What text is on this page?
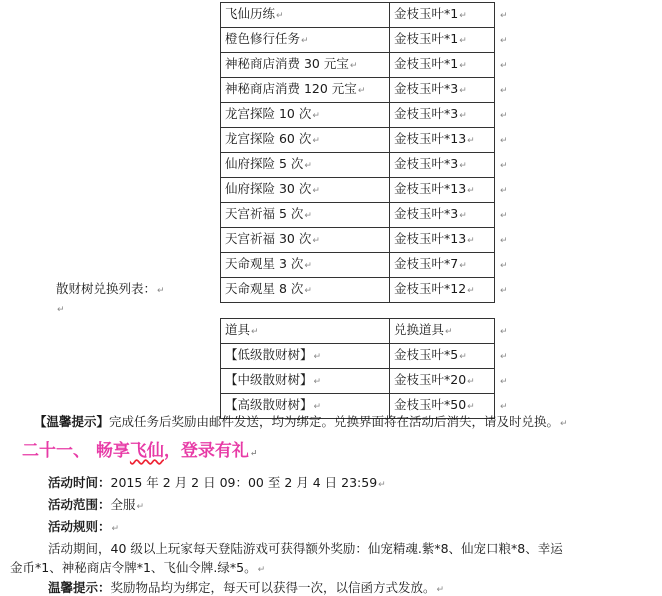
飞仙历练↵	金枝玉叶*1↵	↵
橙色修行任务↵	金枝玉叶*1↵	↵
神秘商店消费 30 元宝↵	金枝玉叶*1↵	↵
神秘商店消费 120 元宝↵	金枝玉叶*3↵	↵
龙宫探险 10 次↵	金枝玉叶*3↵	↵
龙宫探险 60 次↵	金枝玉叶*13↵	↵
仙府探险 5 次↵	金枝玉叶*3↵	↵
仙府探险 30 次↵	金枝玉叶*13↵	↵
天宫祈福 5 次↵	金枝玉叶*3↵	↵
天宫祈福 30 次↵	金枝玉叶*13↵	↵
天命观星 3 次↵	金枝玉叶*7↵	↵
天命观星 8 次↵	金枝玉叶*12↵	↵
散财树兑换列表：↵
↵
道具↵	兑换道具↵	↵
【低级散财树】↵	金枝玉叶*5↵	↵
【中级散财树】↵	金枝玉叶*20↵	↵
【高级散财树】↵	金枝玉叶*50↵	↵
【温馨提示】完成任务后奖励由邮件发送，均为绑定。兑换界面将在活动后消失，请及时兑换。↵
二十一、 畅享飞仙，登录有礼↵
活动时间：2015 年 2 月 2 日 09：00 至 2 月 4 日 23:59↵
活动范围：全服↵
活动规则：↵
活动期间，40 级以上玩家每天登陆游戏可获得额外奖励：仙宠精魂.紫*8、仙宠口粮*8、幸运
金币*1、神秘商店令牌*1、飞仙令牌.绿*5。↵
温馨提示：奖励物品均为绑定，每天可以获得一次，以信函方式发放。↵
